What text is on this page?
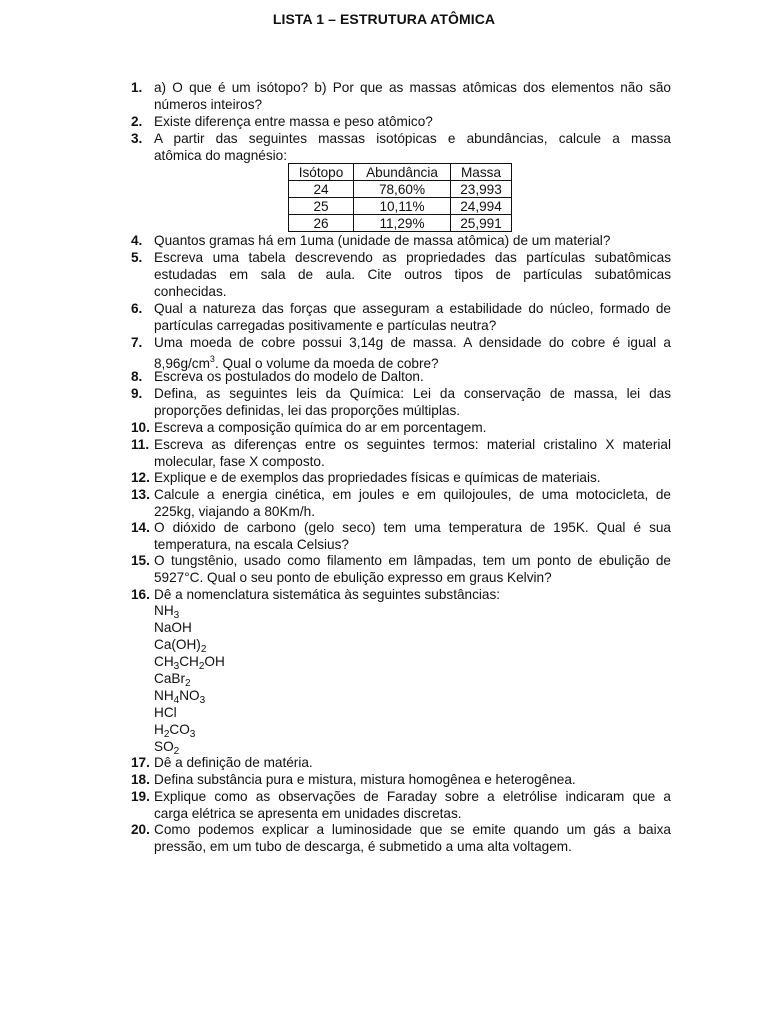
LISTA 1 – ESTRUTURA ATÔMICA
1. a) O que é um isótopo? b) Por que as massas atômicas dos elementos não são
números inteiros?
2. Existe diferença entre massa e peso atômico?
3. A partir das seguintes massas isotópicas e abundâncias, calcule a massa
atômica do magnésio:
Isótopo	Abundância	Massa
24	78,60%	23,993
25	10,11%	24,994
26	11,29%	25,991
4. Quantos gramas há em 1uma (unidade de massa atômica) de um material?
5. Escreva uma tabela descrevendo as propriedades das partículas subatômicas
estudadas em sala de aula. Cite outros tipos de partículas subatômicas
conhecidas.
6. Qual a natureza das forças que asseguram a estabilidade do núcleo, formado de
partículas carregadas positivamente e partículas neutra?
7. Uma moeda de cobre possui 3,14g de massa. A densidade do cobre é igual a
$8,96g/cm^3$. Qual o volume da moeda de cobre?
8. Escreva os postulados do modelo de Dalton.
9. Defina, as seguintes leis da Química: Lei da conservação de massa, lei das
proporções definidas, lei das proporções múltiplas.
10. Escreva a composição química do ar em porcentagem.
11. Escreva as diferenças entre os seguintes termos: material cristalino X material
molecular, fase X composto.
12. Explique e de exemplos das propriedades físicas e químicas de materiais.
13. Calcule a energia cinética, em joules e em quilojoules, de uma motocicleta, de
225kg, viajando a 80Km/h.
14. O dióxido de carbono (gelo seco) tem uma temperatura de 195K. Qual é sua
temperatura, na escala Celsius?
15. O tungstênio, usado como filamento em lâmpadas, tem um ponto de ebulição de
5927°C. Qual o seu ponto de ebulição expresso em graus Kelvin?
16. Dê a nomenclatura sistemática às seguintes substâncias:
$NH_3$
NaOH
$Ca(OH)_2$
$CH_3CH_2OH$
CaBr$_2$
$NH_4NO_3$
HCl
$H_2CO_3$
$SO_2$
17. Dê a definição de matéria.
18. Defina substância pura e mistura, mistura homogênea e heterogênea.
19. Explique como as observações de Faraday sobre a eletrólise indicaram que a
carga elétrica se apresenta em unidades discretas.
20. Como podemos explicar a luminosidade que se emite quando um gás a baixa
pressão, em um tubo de descarga, é submetido a uma alta voltagem.
